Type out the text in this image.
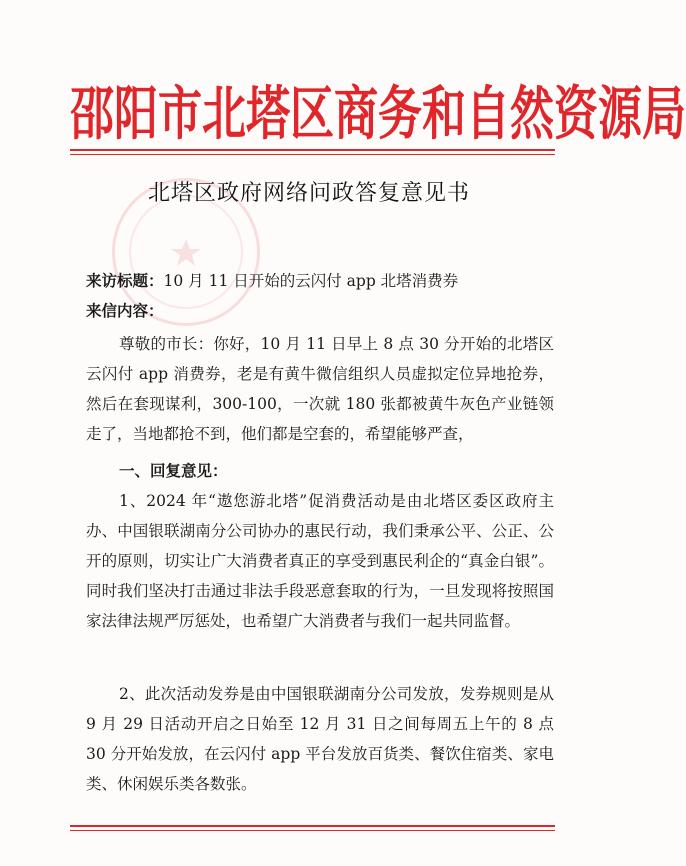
邵阳市北塔区商务和自然资源局
北塔区政府网络问政答复意见书
来访标题：10 月 11 日开始的云闪付 app 北塔消费券
来信内容：
尊敬的市长：你好，10 月 11 日早上 8 点 30 分开始的北塔区云闪付 app 消费券，老是有黄牛微信组织人员虚拟定位异地抢券，然后在套现谋利，300-100，一次就 180 张都被黄牛灰色产业链领走了，当地都抢不到，他们都是空套的，希望能够严查，
一、回复意见：
1、2024 年“遨您游北塔”促消费活动是由北塔区委区政府主办、中国银联湖南分公司协办的惠民行动，我们秉承公平、公正、公开的原则，切实让广大消费者真正的享受到惠民利企的“真金白银”。同时我们坚决打击通过非法手段恶意套取的行为，一旦发现将按照国家法律法规严厉惩处，也希望广大消费者与我们一起共同监督。
2、此次活动发券是由中国银联湖南分公司发放，发券规则是从 9 月 29 日活动开启之日始至 12 月 31 日之间每周五上午的 8 点 30 分开始发放，在云闪付 app 平台发放百货类、餐饮住宿类、家电类、休闲娱乐类各数张。
